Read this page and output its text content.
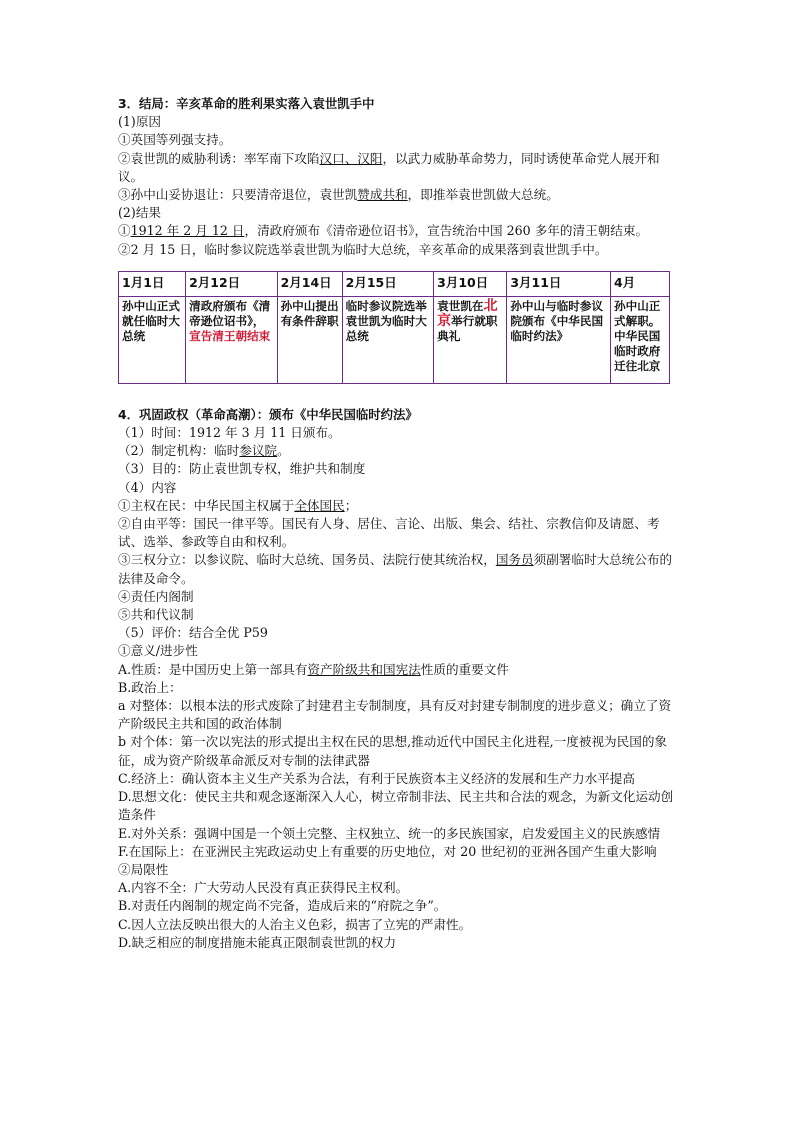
3．结局：辛亥革命的胜利果实落入袁世凯手中
(1)原因
①英国等列强支持。
②袁世凯的威胁利诱：率军南下攻陷汉口、汉阳，以武力威胁革命势力，同时诱使革命党人展开和议。
③孙中山妥协退让：只要清帝退位，袁世凯赞成共和，即推举袁世凯做大总统。
(2)结果
①1912 年 2 月 12 日，清政府颁布《清帝逊位诏书》，宣告统治中国 260 多年的清王朝结束。
②2 月 15 日，临时参议院选举袁世凯为临时大总统，辛亥革命的成果落到袁世凯手中。
1月1日	2月12日	2月14日	2月15日	3月10日	3月11日	4月
孙中山正式就任临时大总统	清政府颁布《清帝逊位诏书》，宣告清王朝结束	孙中山提出有条件辞职	临时参议院选举袁世凯为临时大总统	袁世凯在北京举行就职典礼	孙中山与临时参议院颁布《中华民国临时约法》	孙中山正式解职。中华民国临时政府迁往北京
4．巩固政权（革命高潮）：颁布《中华民国临时约法》
（1）时间：1912 年 3 月 11 日颁布。
（2）制定机构：临时参议院。
（3）目的：防止袁世凯专权，维护共和制度
（4）内容
①主权在民：中华民国主权属于全体国民；
②自由平等：国民一律平等。国民有人身、居住、言论、出版、集会、结社、宗教信仰及请愿、考试、选举、参政等自由和权利。
③三权分立：以参议院、临时大总统、国务员、法院行使其统治权，国务员须副署临时大总统公布的法律及命令。
④责任内阁制
⑤共和代议制
（5）评价：结合全优 P59
①意义/进步性
A.性质：是中国历史上第一部具有资产阶级共和国宪法性质的重要文件
B.政治上：
a 对整体：以根本法的形式废除了封建君主专制制度，具有反对封建专制制度的进步意义；确立了资产阶级民主共和国的政治体制
b 对个体：第一次以宪法的形式提出主权在民的思想,推动近代中国民主化进程,一度被视为民国的象征，成为资产阶级革命派反对专制的法律武器
C.经济上：确认资本主义生产关系为合法，有利于民族资本主义经济的发展和生产力水平提高
D.思想文化：使民主共和观念逐渐深入人心，树立帝制非法、民主共和合法的观念，为新文化运动创造条件
E.对外关系：强调中国是一个领土完整、主权独立、统一的多民族国家，启发爱国主义的民族感情
F.在国际上：在亚洲民主宪政运动史上有重要的历史地位，对 20 世纪初的亚洲各国产生重大影响
②局限性
A.内容不全：广大劳动人民没有真正获得民主权利。
B.对责任内阁制的规定尚不完备，造成后来的“府院之争”。
C.因人立法反映出很大的人治主义色彩，损害了立宪的严肃性。
D.缺乏相应的制度措施未能真正限制袁世凯的权力
